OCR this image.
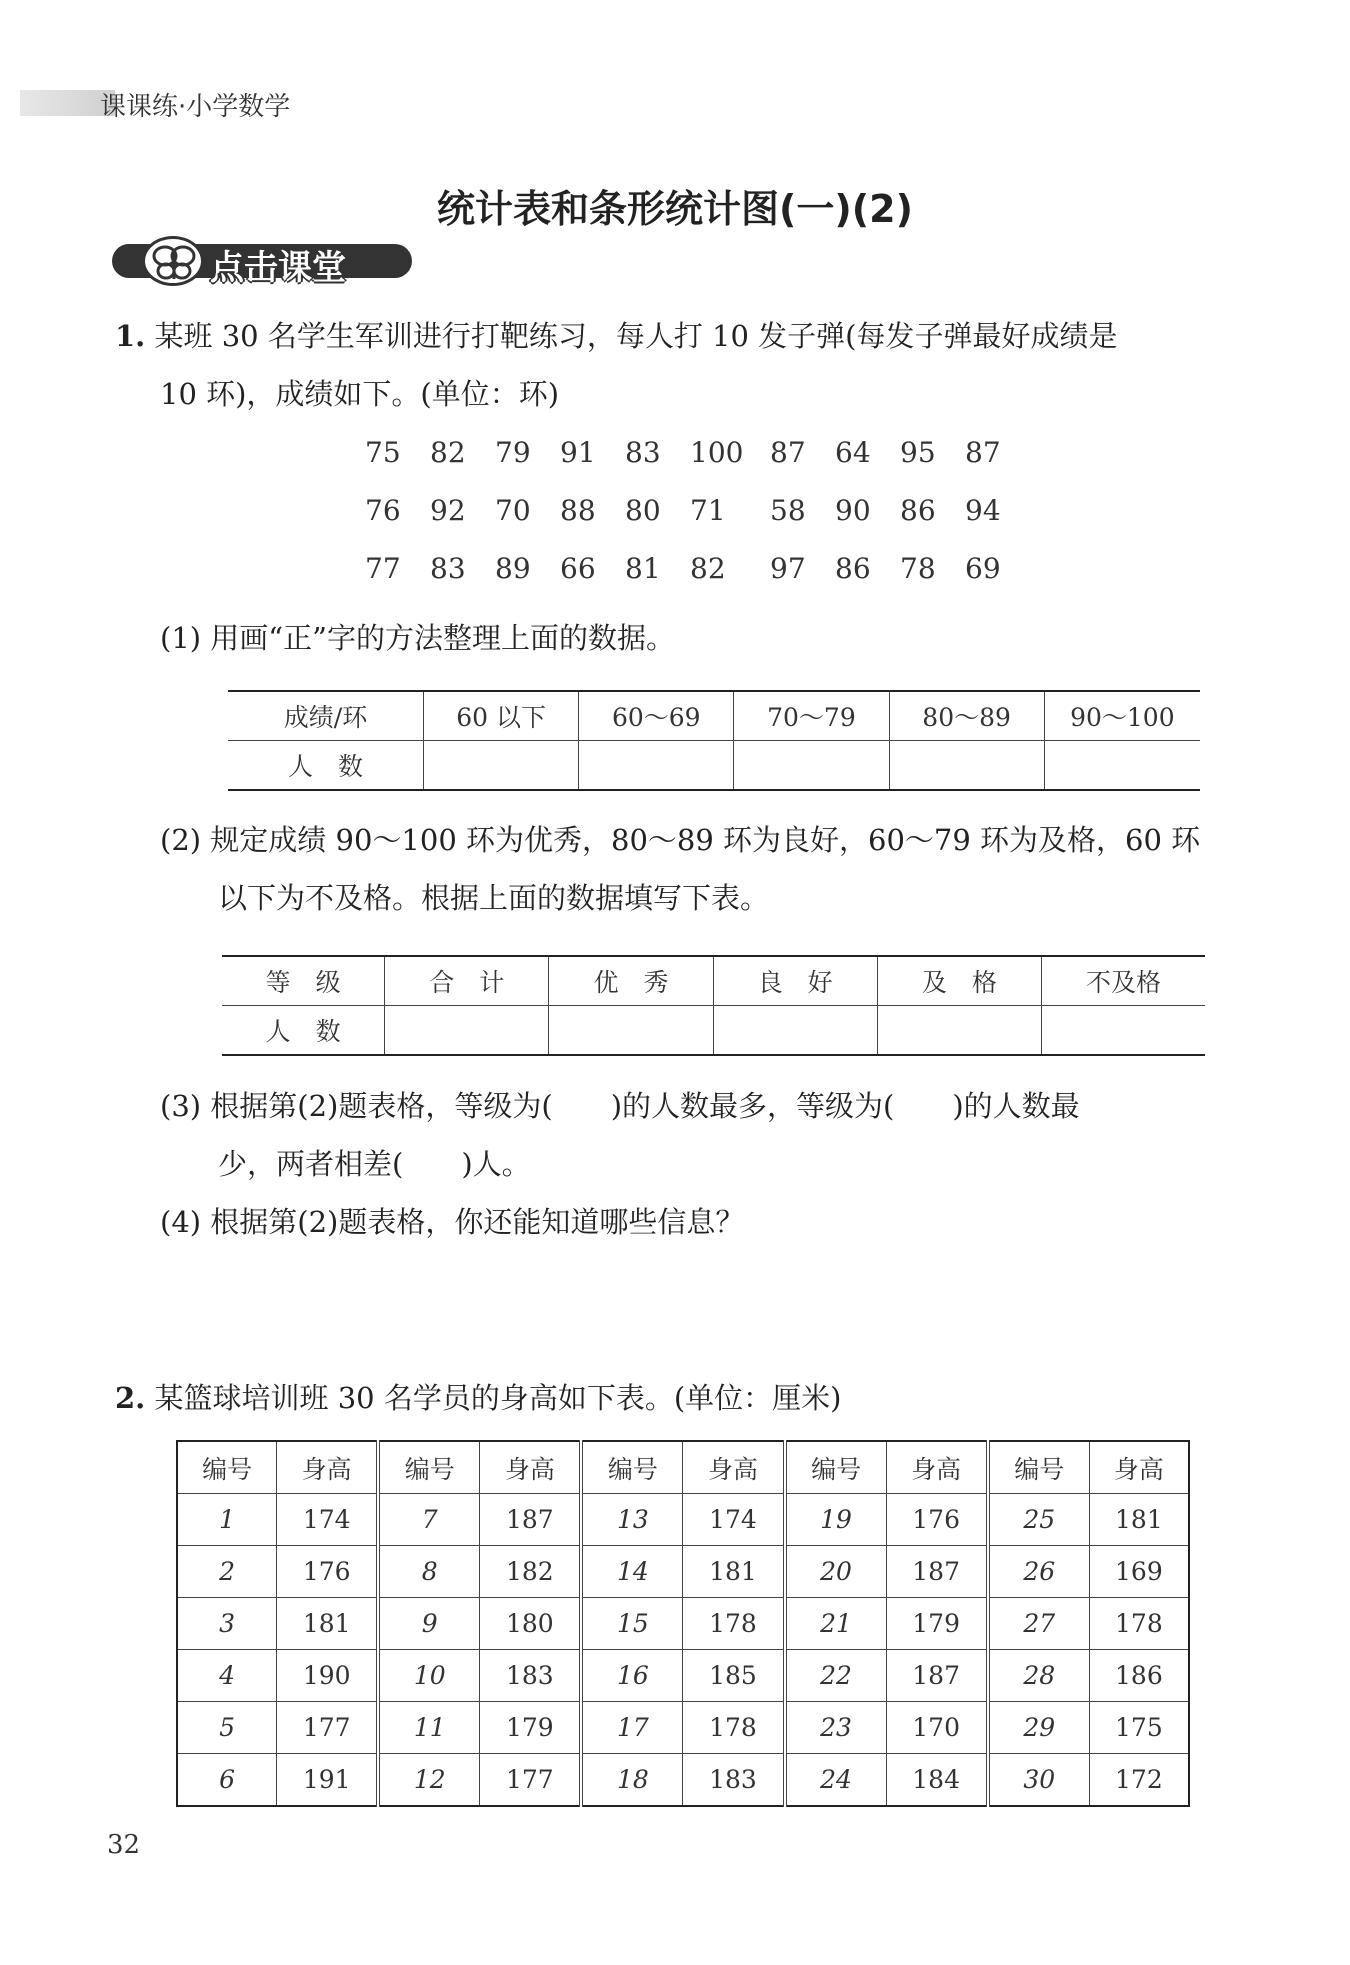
课课练·小学数学
统计表和条形统计图(一)(2)
点击课堂
1. 某班 30 名学生军训进行打靶练习，每人打 10 发子弹(每发子弹最好成绩是
10 环)，成绩如下。(单位：环)
75 82 79 91 83 100 87 64 95 87
76 92 70 88 80 71 58 90 86 94
77 83 89 66 81 82 97 86 78 69
(1) 用画“正”字的方法整理上面的数据。
成绩/环	60 以下	60～69	70～79	80～89	90～100
人　数					
(2) 规定成绩 90～100 环为优秀，80～89 环为良好，60～79 环为及格，60 环
以下为不及格。根据上面的数据填写下表。
等　级	合　计	优　秀	良　好	及　格	不及格
人　数					
(3) 根据第(2)题表格，等级为(　　)的人数最多，等级为(　　)的人数最
少，两者相差(　　)人。
(4) 根据第(2)题表格，你还能知道哪些信息？
2. 某篮球培训班 30 名学员的身高如下表。(单位：厘米)
编号	身高	编号	身高	编号	身高	编号	身高	编号	身高
1	174	7	187	13	174	19	176	25	181
2	176	8	182	14	181	20	187	26	169
3	181	9	180	15	178	21	179	27	178
4	190	10	183	16	185	22	187	28	186
5	177	11	179	17	178	23	170	29	175
6	191	12	177	18	183	24	184	30	172
32
